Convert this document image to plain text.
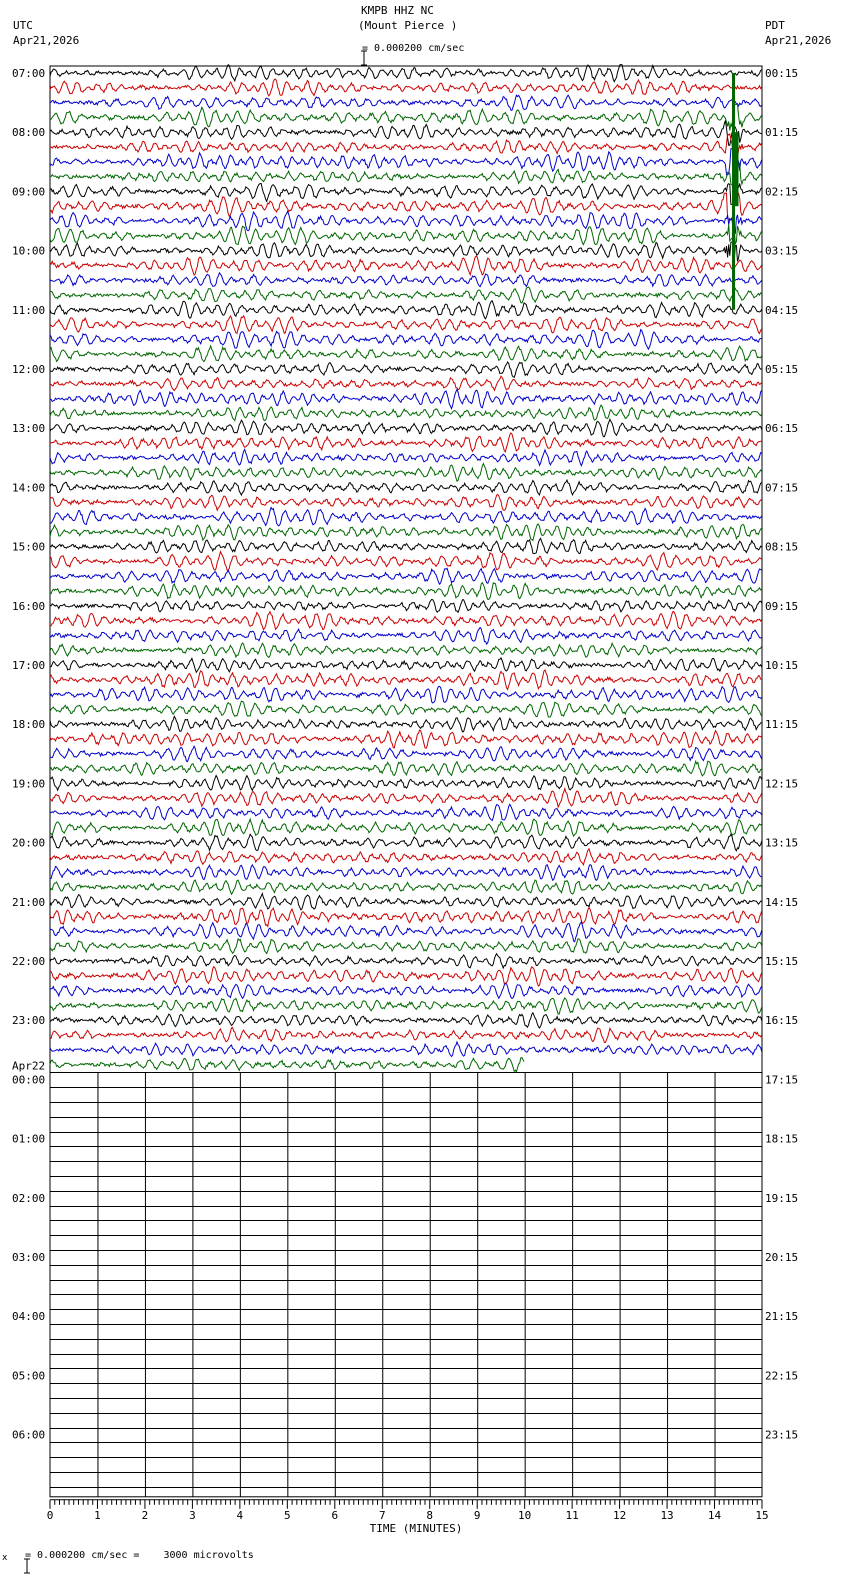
KMPB HHZ NC
(Mount Pierce )

= 0.000200 cm/sec
UTC
Apr21,2026
PDT
Apr21,2026
0	1	2	3	4	5	6	7	8	9	10	11	12	13	14	15
TIME (MINUTES)
07:00	00:15
08:00	01:15
09:00	02:15
10:00	03:15
11:00	04:15
12:00	05:15
13:00	06:15
14:00	07:15
15:00	08:15
16:00	09:15
17:00	10:15
18:00	11:15
19:00	12:15
20:00	13:15
21:00	14:15
22:00	15:15
23:00	16:15
00:00	17:15
01:00	18:15
02:00	19:15
03:00	20:15
04:00	21:15
05:00	22:15
06:00	23:15
Apr22
x

= 0.000200 cm/sec =    3000 microvolts
